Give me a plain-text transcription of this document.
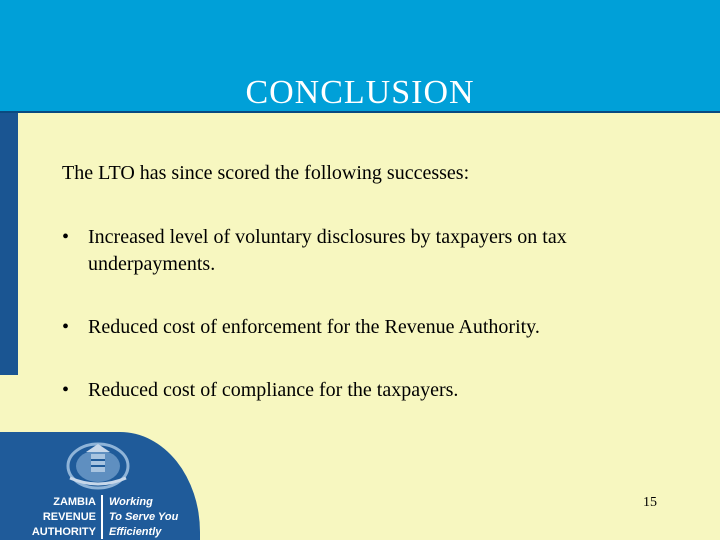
CONCLUSION

The LTO has since scored the following successes:

• Increased level of voluntary disclosures by taxpayers on tax underpayments.
• Reduced cost of enforcement for the Revenue Authority.
• Reduced cost of compliance for the taxpayers.
ZAMBIA
REVENUE
AUTHORITY
Working
To Serve You
Efficiently
15
